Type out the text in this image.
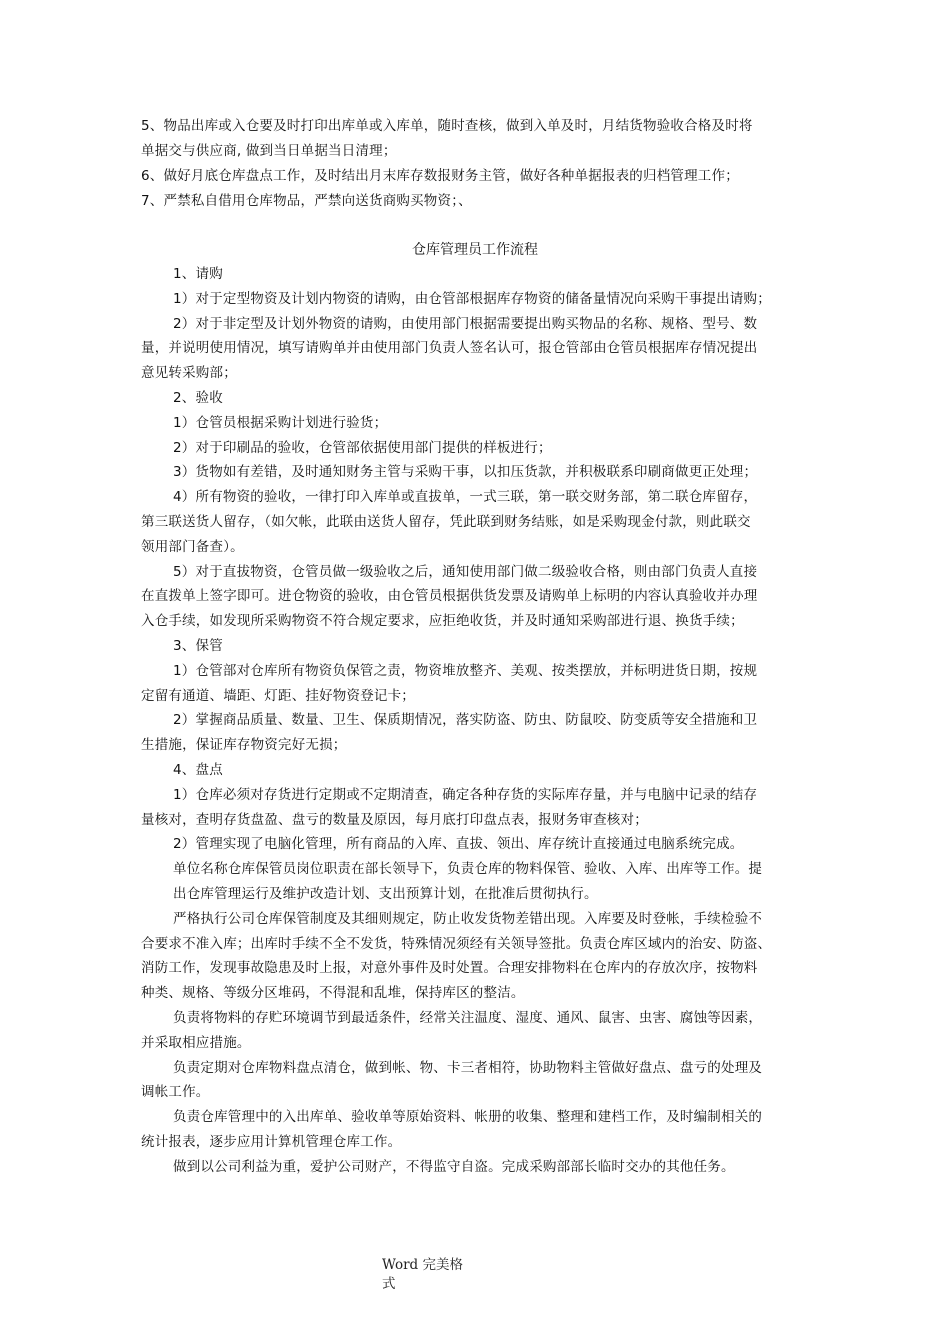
5、物品出库或入仓要及时打印出库单或入库单，随时查核，做到入单及时，月结货物验收合格及时将
单据交与供应商, 做到当日单据当日清理；
6、做好月底仓库盘点工作，及时结出月末库存数报财务主管，做好各种单据报表的归档管理工作；
7、严禁私自借用仓库物品，严禁向送货商购买物资；、
仓库管理员工作流程
1、请购
1）对于定型物资及计划内物资的请购，由仓管部根据库存物资的储备量情况向采购干事提出请购；
2）对于非定型及计划外物资的请购，由使用部门根据需要提出购买物品的名称、规格、型号、数
量，并说明使用情况，填写请购单并由使用部门负责人签名认可，报仓管部由仓管员根据库存情况提出
意见转采购部；
2、验收
1）仓管员根据采购计划进行验货；
2）对于印刷品的验收，仓管部依据使用部门提供的样板进行；
3）货物如有差错，及时通知财务主管与采购干事，以扣压货款，并积极联系印刷商做更正处理；
4）所有物资的验收，一律打印入库单或直拔单，一式三联，第一联交财务部，第二联仓库留存，
第三联送货人留存，（如欠帐，此联由送货人留存，凭此联到财务结账，如是采购现金付款，则此联交
领用部门备查）。
5）对于直拔物资，仓管员做一级验收之后，通知使用部门做二级验收合格，则由部门负责人直接
在直拨单上签字即可。进仓物资的验收，由仓管员根据供货发票及请购单上标明的内容认真验收并办理
入仓手续，如发现所采购物资不符合规定要求，应拒绝收货，并及时通知采购部进行退、换货手续；
3、保管
1）仓管部对仓库所有物资负保管之责，物资堆放整齐、美观、按类摆放，并标明进货日期，按规
定留有通道、墙距、灯距、挂好物资登记卡；
2）掌握商品质量、数量、卫生、保质期情况，落实防盗、防虫、防鼠咬、防变质等安全措施和卫
生措施，保证库存物资完好无损；
4、盘点
1）仓库必须对存货进行定期或不定期清查，确定各种存货的实际库存量，并与电脑中记录的结存
量核对，查明存货盘盈、盘亏的数量及原因，每月底打印盘点表，报财务审查核对；
2）管理实现了电脑化管理，所有商品的入库、直拔、领出、库存统计直接通过电脑系统完成。
单位名称仓库保管员岗位职责在部长领导下，负责仓库的物料保管、验收、入库、出库等工作。提
出仓库管理运行及维护改造计划、支出预算计划，在批准后贯彻执行。
严格执行公司仓库保管制度及其细则规定，防止收发货物差错出现。入库要及时登帐，手续检验不
合要求不准入库；出库时手续不全不发货，特殊情况须经有关领导签批。负责仓库区域内的治安、防盗、
消防工作，发现事故隐患及时上报，对意外事件及时处置。合理安排物料在仓库内的存放次序，按物料
种类、规格、等级分区堆码，不得混和乱堆，保持库区的整洁。
负责将物料的存贮环境调节到最适条件，经常关注温度、湿度、通风、鼠害、虫害、腐蚀等因素，
并采取相应措施。
负责定期对仓库物料盘点清仓，做到帐、物、卡三者相符，协助物料主管做好盘点、盘亏的处理及
调帐工作。
负责仓库管理中的入出库单、验收单等原始资料、帐册的收集、整理和建档工作，及时编制相关的
统计报表，逐步应用计算机管理仓库工作。
做到以公司利益为重，爱护公司财产，不得监守自盗。完成采购部部长临时交办的其他任务。
Word 完美格
式
